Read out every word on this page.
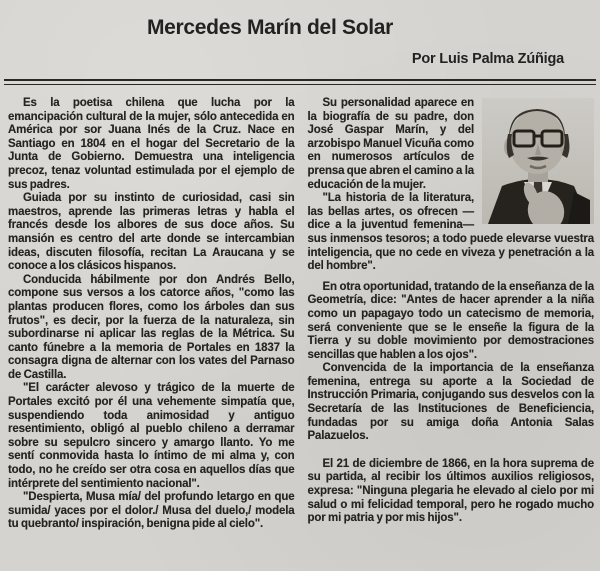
Mercedes Marín del Solar
Por Luis Palma Zúñiga

Es la poetisa chilena que lucha por la emancipación cultural de la mujer, sólo antecedida en América por sor Juana Inés de la Cruz. Nace en Santiago en 1804 en el hogar del Secretario de la Junta de Gobierno. Demuestra una inteligencia precoz, tenaz voluntad estimulada por el ejemplo de sus padres.

Guiada por su instinto de curiosidad, casi sin maestros, aprende las primeras letras y habla el francés desde los albores de sus doce años. Su mansión es centro del arte donde se intercambian ideas, discuten filosofía, recitan La Araucana y se conoce a los clásicos hispanos.

Conducida hábilmente por don Andrés Bello, compone sus versos a los catorce años, "como las plantas producen flores, como los árboles dan sus frutos", es decir, por la fuerza de la naturaleza, sin subordinarse ni aplicar las reglas de la Métrica. Su canto fúnebre a la memoria de Portales en 1837 la consagra digna de alternar con los vates del Parnaso de Castilla.

"El carácter alevoso y trágico de la muerte de Portales excitó por él una vehemente simpatía que, suspendiendo toda animosidad y antiguo resentimiento, obligó al pueblo chileno a derramar sobre su sepulcro sincero y amargo llanto. Yo me sentí conmovida hasta lo íntimo de mi alma y, con todo, no he creído ser otra cosa en aquellos días que intérprete del sentimiento nacional".

"Despierta, Musa mía/ del profundo letargo en que sumida/ yaces por el dolor./ Musa del duelo,/ modela tu quebranto/ inspiración, benigna pide al cielo".

Su personalidad aparece en la biografía de su padre, don José Gaspar Marín, y del arzobispo Manuel Vicuña como en numerosos artículos de prensa que abren el camino a la educación de la mujer.

"La historia de la literatura, las bellas artes, os ofrecen —dice a la juventud femenina— sus inmensos tesoros; a todo puede elevarse vuestra inteligencia, que no cede en viveza y penetración a la del hombre".

En otra oportunidad, tratando de la enseñanza de la Geometría, dice: "Antes de hacer aprender a la niña como un papagayo todo un catecismo de memoria, será conveniente que se le enseñe la figura de la Tierra y su doble movimiento por demostraciones sencillas que hablen a los ojos".

Convencida de la importancia de la enseñanza femenina, entrega su aporte a la Sociedad de Instrucción Primaria, conjugando sus desvelos con la Secretaría de las Instituciones de Beneficiencia, fundadas por su amiga doña Antonia Salas Palazuelos.

El 21 de diciembre de 1866, en la hora suprema de su partida, al recibir los últimos auxilios religiosos, expresa: "Ninguna plegaria he elevado al cielo por mi salud o mi felicidad temporal, pero he rogado mucho por mi patria y por mis hijos".
